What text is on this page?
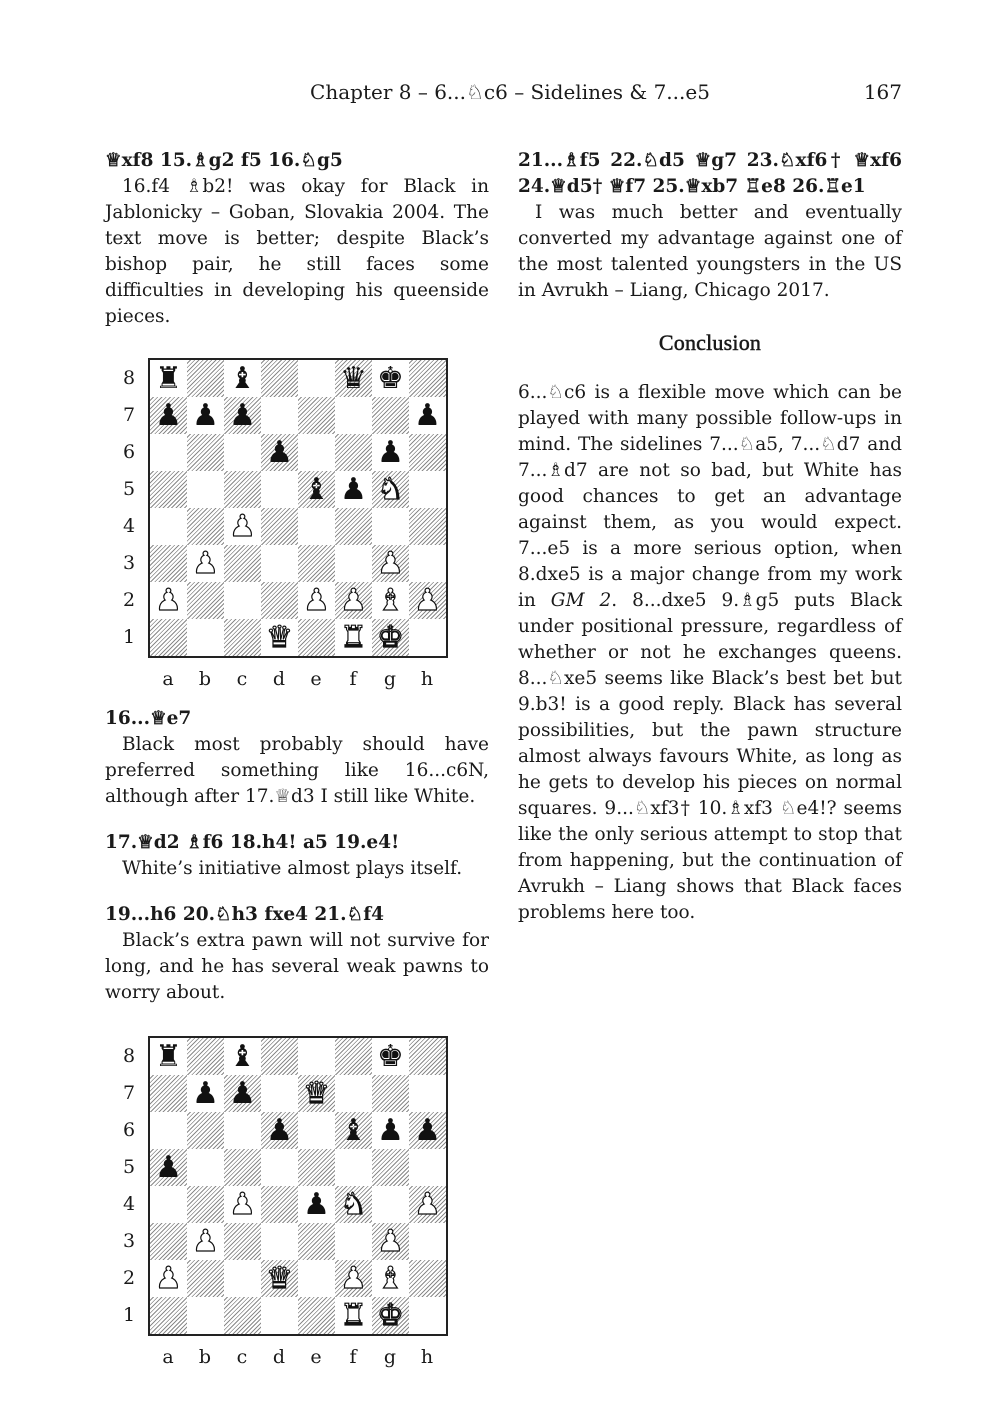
Chapter 8 – 6...♘c6 – Sidelines & 7...e5	167

♕xf8 15.♗g2 f5 16.♘g5

16.f4 ♗b2! was okay for Black in Jablonicky – Goban, Slovakia 2004. The text move is better; despite Black’s bishop pair, he still faces some difficulties in developing his queenside pieces.

♜ ♝	♛ ♚
♟ ♟ ♟	♟
♟	♟
♝ ♟ ♞
♟
♟	♟
♟	♟ ♟ ♝ ♟
♛ ♜ ♚
8
7
6
5
4
3
2
1
a	b	c	d	e	f	g	h

16...♕e7

Black most probably should have preferred something like 16...c6N, although after 17.♕d3 I still like White.

17.♕d2 ♗f6 18.h4! a5 19.e4!

White’s initiative almost plays itself.

19...h6 20.♘h3 fxe4 21.♘f4

Black’s extra pawn will not survive for long, and he has several weak pawns to worry about.

♜ ♝	♚
♟ ♟ ♛
♟ ♝ ♟ ♟
♟
♟ ♟ ♞ ♟
♟	♟
♟	♛ ♟ ♝
♜ ♚
8
7
6
5
4
3
2
1
a	b	c	d	e	f	g	h

21...♗f5 22.♘d5 ♕g7 23.♘xf6† ♕xf6 24.♕d5† ♕f7 25.♕xb7 ♖e8 26.♖e1

I was much better and eventually converted my advantage against one of the most talented youngsters in the US in Avrukh – Liang, Chicago 2017.

Conclusion

6...♘c6 is a flexible move which can be played with many possible follow-ups in mind. The sidelines 7...♘a5, 7...♘d7 and 7...♗d7 are not so bad, but White has good chances to get an advantage against them, as you would expect. 7...e5 is a more serious option, when 8.dxe5 is a major change from my work in GM 2. 8...dxe5 9.♗g5 puts Black under positional pressure, regardless of whether or not he exchanges queens. 8...♘xe5 seems like Black’s best bet but 9.b3! is a good reply. Black has several possibilities, but the pawn structure almost always favours White, as long as he gets to develop his pieces on normal squares. 9...♘xf3† 10.♗xf3 ♘e4!? seems like the only serious attempt to stop that from happening, but the continuation of Avrukh – Liang shows that Black faces problems here too.
